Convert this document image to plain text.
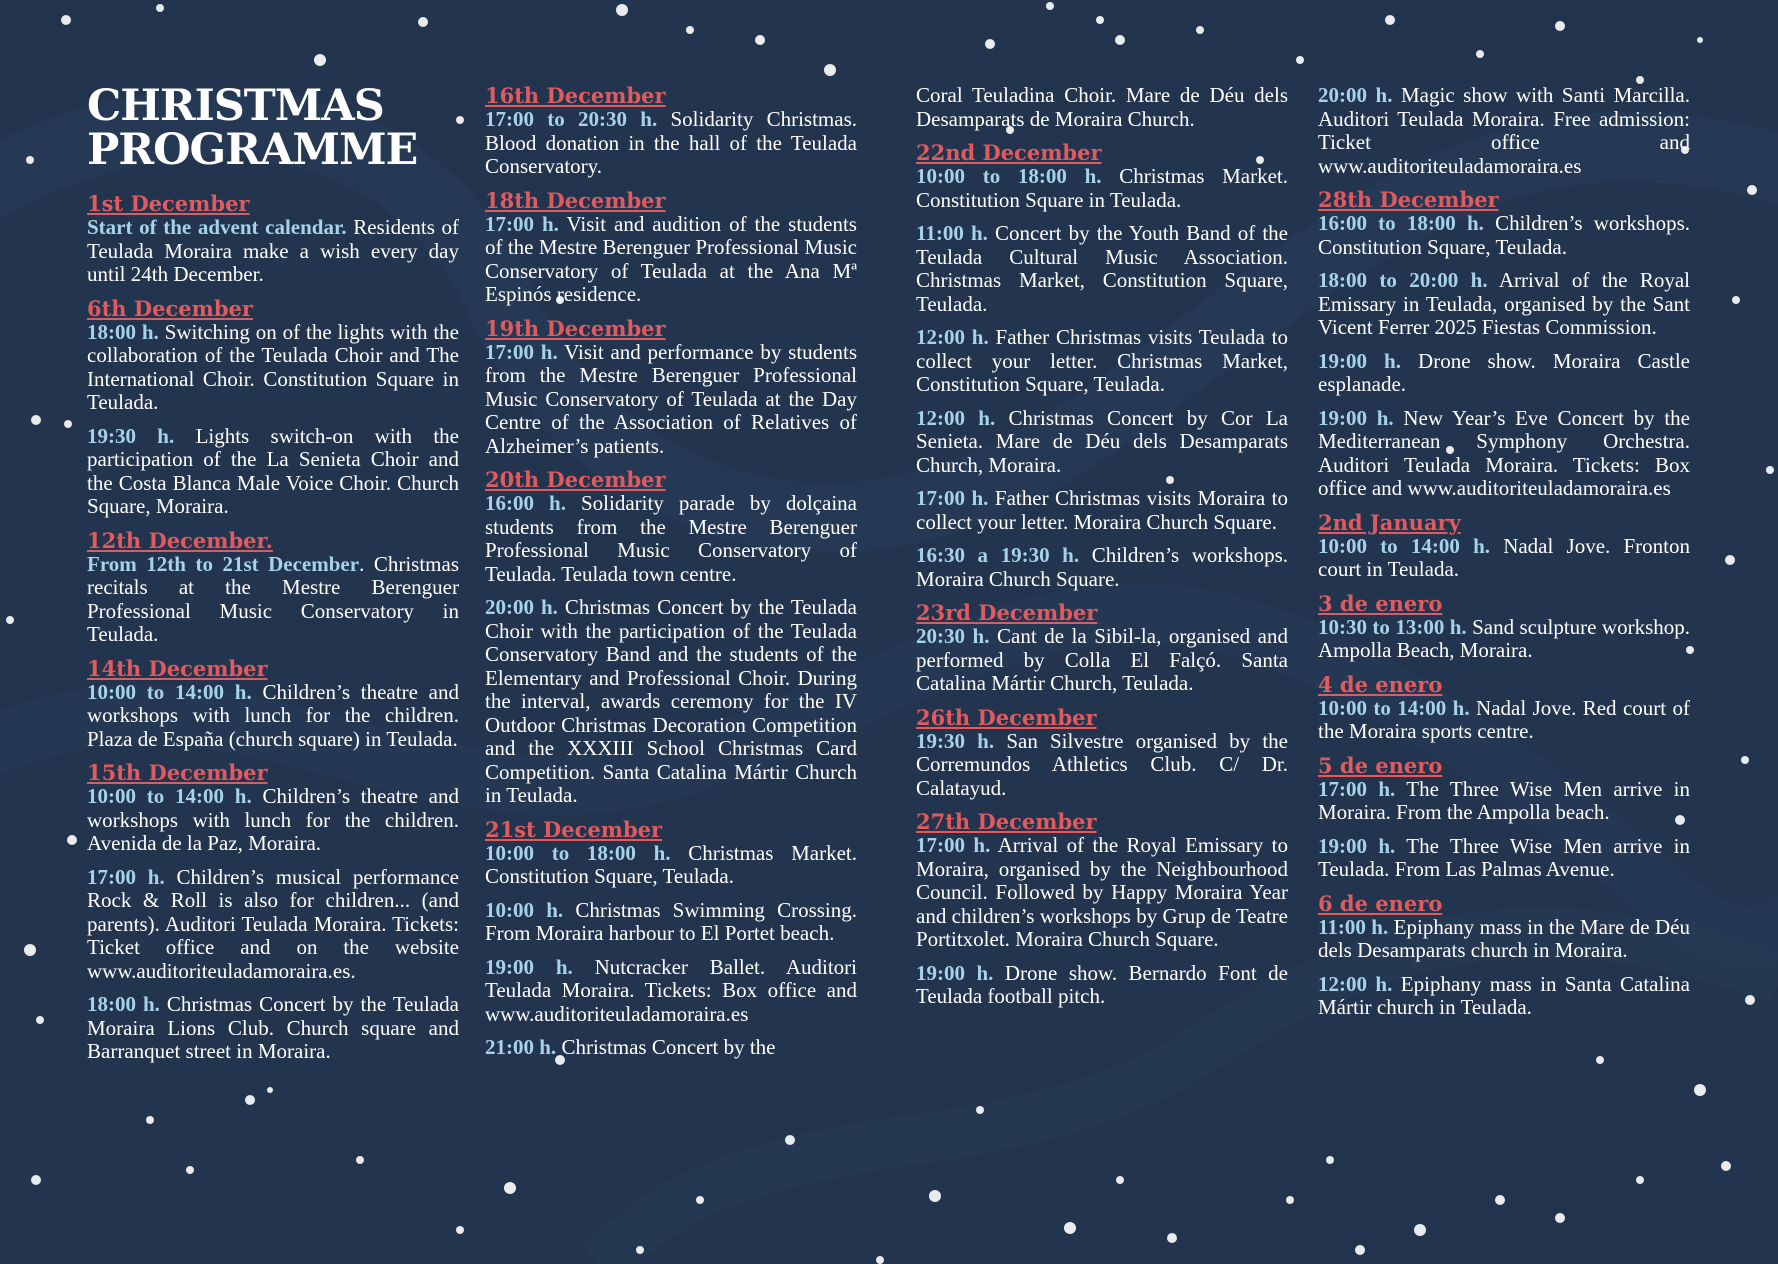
CHRISTMAS
PROGRAMME
1st December
Start of the advent calendar. Residents of Teulada Moraira make a wish every day until 24th December.
6th December
18:00 h. Switching on of the lights with the collaboration of the Teulada Choir and The International Choir. Constitution Square in Teulada.
19:30 h. Lights switch-on with the participation of the La Senieta Choir and the Costa Blanca Male Voice Choir. Church Square, Moraira.
12th December.
From 12th to 21st December. Christmas recitals at the Mestre Berenguer Professional Music Conservatory in Teulada.
14th December
10:00 to 14:00 h. Children’s theatre and workshops with lunch for the children. Plaza de España (church square) in Teulada.
15th December
10:00 to 14:00 h. Children’s theatre and workshops with lunch for the children. Avenida de la Paz, Moraira.
17:00 h. Children’s musical performance Rock & Roll is also for children... (and parents). Auditori Teulada Moraira. Tickets: Ticket office and on the website www.auditoriteuladamoraira.es.
18:00 h. Christmas Concert by the Teulada Moraira Lions Club. Church square and Barranquet street in Moraira.
16th December
17:00 to 20:30 h. Solidarity Christmas. Blood donation in the hall of the Teulada Conservatory.
18th December
17:00 h. Visit and audition of the students of the Mestre Berenguer Professional Music Conservatory of Teulada at the Ana Mª Espinós residence.
19th December
17:00 h. Visit and performance by students from the Mestre Berenguer Professional Music Conservatory of Teulada at the Day Centre of the Association of Relatives of Alzheimer’s patients.
20th December
16:00 h. Solidarity parade by dolçaina students from the Mestre Berenguer Professional Music Conservatory of Teulada. Teulada town centre.
20:00 h. Christmas Concert by the Teulada Choir with the participation of the Teulada Conservatory Band and the students of the Elementary and Professional Choir. During the interval, awards ceremony for the IV Outdoor Christmas Decoration Competition and the XXXIII School Christmas Card Competition. Santa Catalina Mártir Church in Teulada.
21st December
10:00 to 18:00 h. Christmas Market. Constitution Square, Teulada.
10:00 h. Christmas Swimming Crossing. From Moraira harbour to El Portet beach.
19:00 h. Nutcracker Ballet. Auditori Teulada Moraira. Tickets: Box office and www.auditoriteuladamoraira.es
21:00 h. Christmas Concert by the
Coral Teuladina Choir. Mare de Déu dels Desamparats de Moraira Church.
22nd December
10:00 to 18:00 h. Christmas Market. Constitution Square in Teulada.
11:00 h. Concert by the Youth Band of the Teulada Cultural Music Association. Christmas Market, Constitution Square, Teulada.
12:00 h. Father Christmas visits Teulada to collect your letter. Christmas Market, Constitution Square, Teulada.
12:00 h. Christmas Concert by Cor La Senieta. Mare de Déu dels Desamparats Church, Moraira.
17:00 h. Father Christmas visits Moraira to collect your letter. Moraira Church Square.
16:30 a 19:30 h. Children’s workshops. Moraira Church Square.
23rd December
20:30 h. Cant de la Sibil-la, organised and performed by Colla El Falçó. Santa Catalina Mártir Church, Teulada.
26th December
19:30 h. San Silvestre organised by the Corremundos Athletics Club. C/ Dr. Calatayud.
27th December
17:00 h. Arrival of the Royal Emissary to Moraira, organised by the Neighbourhood Council. Followed by Happy Moraira Year and children’s workshops by Grup de Teatre Portitxolet. Moraira Church Square.
19:00 h. Drone show. Bernardo Font de Teulada football pitch.
20:00 h. Magic show with Santi Marcilla. Auditori Teulada Moraira. Free admission: Ticket office and www.auditoriteuladamoraira.es
28th December
16:00 to 18:00 h. Children’s workshops. Constitution Square, Teulada.
18:00 to 20:00 h. Arrival of the Royal Emissary in Teulada, organised by the Sant Vicent Ferrer 2025 Fiestas Commission.
19:00 h. Drone show. Moraira Castle esplanade.
19:00 h. New Year’s Eve Concert by the Mediterranean Symphony Orchestra. Auditori Teulada Moraira. Tickets: Box office and www.auditoriteuladamoraira.es
2nd January
10:00 to 14:00 h. Nadal Jove. Fronton court in Teulada.
3 de enero
10:30 to 13:00 h. Sand sculpture workshop. Ampolla Beach, Moraira.
4 de enero
10:00 to 14:00 h. Nadal Jove. Red court of the Moraira sports centre.
5 de enero
17:00 h. The Three Wise Men arrive in Moraira. From the Ampolla beach.
19:00 h. The Three Wise Men arrive in Teulada. From Las Palmas Avenue.
6 de enero
11:00 h. Epiphany mass in the Mare de Déu dels Desamparats church in Moraira.
12:00 h. Epiphany mass in Santa Catalina Mártir church in Teulada.
